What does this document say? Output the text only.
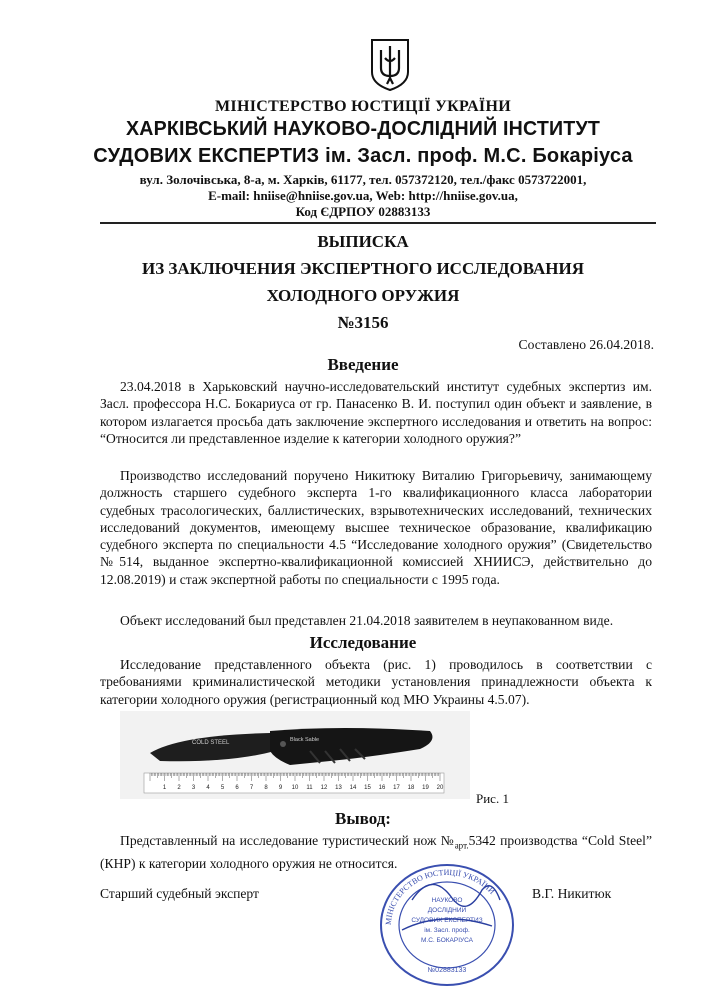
МІНІСТЕРСТВО ЮСТИЦІЇ УКРАЇНИ
ХАРКІВСЬКИЙ НАУКОВО-ДОСЛІДНИЙ ІНСТИТУТ
СУДОВИХ ЕКСПЕРТИЗ ім. Засл. проф. М.С. Бокаріуса
вул. Золочівська, 8-а, м. Харків, 61177, тел. 057372120, тел./факс 0573722001,
E-mail: hniise@hniise.gov.ua, Web: http://hniise.gov.ua,
Код ЄДРПОУ 02883133
ВЫПИСКА
ИЗ ЗАКЛЮЧЕНИЯ ЭКСПЕРТНОГО ИССЛЕДОВАНИЯ
ХОЛОДНОГО ОРУЖИЯ
№3156
Составлено 26.04.2018.
Введение
23.04.2018 в Харьковский научно-исследовательский институт судебных экспертиз им. Засл. профессора Н.С. Бокариуса от гр. Панасенко В. И. поступил один объект и заявление, в котором излагается просьба дать заключение экспертного исследования и ответить на вопрос: “Относится ли представленное изделие к категории холодного оружия?”
Производство исследований поручено Никитюку Виталию Григорьевичу, занимающему должность старшего судебного эксперта 1-го квалификационного класса лаборатории судебных трасологических, баллистических, взрывотехнических исследований, технических исследований документов, имеющему высшее техническое образование, квалификацию судебного эксперта по специальности 4.5 “Исследование холодного оружия” (Свидетельство №514, выданное экспертно-квалификационной комиссией ХНИИСЭ, действительно до 12.08.2019) и стаж экспертной работы по специальности с 1995 года.
Объект исследований был представлен 21.04.2018 заявителем в неупакованном виде.
Исследование
Исследование представленного объекта (рис. 1) проводилось в соответствии с требованиями криминалистической методики установления принадлежности объекта к категории холодного оружия (регистрационный код МЮ Украины 4.5.07).
COLD STEEL	Black Sable
1 2 3 4 5 6 7 8 9 10 11 12 13 14 15 16 17 18 19 20
Рис. 1
Вывод:
Представленный на исследование туристический нож $№_{арт.}5342$ производства “Cold Steel” (КНР) к категории холодного оружия не относится.
Старший судебный эксперт
МІНІСТЕРСТВО ЮСТИЦІЇ УКРАЇНИ
НАУКОВО
ДОСЛІДНИЙ
СУДОВИХ ЕКСПЕРТИЗ
ім. Засл. проф.
М.С. БОКАРІУСА
№02883133
В.Г. Никитюк
